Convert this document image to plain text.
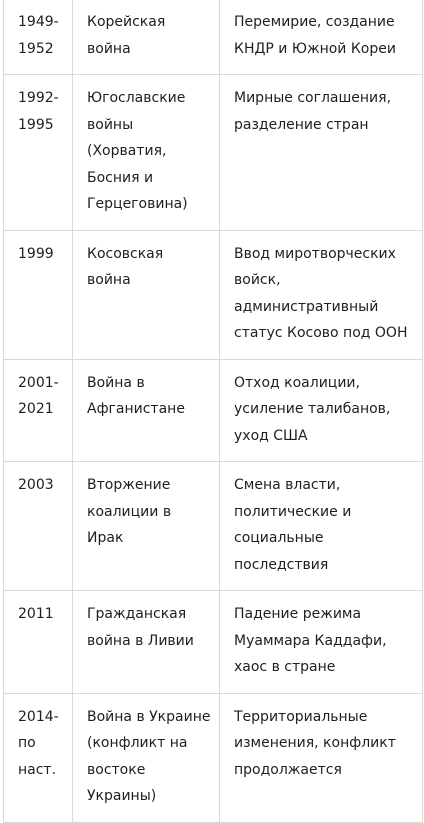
1949-1952	Корейская война	Перемирие, создание КНДР и Южной Кореи
1992-1995	Югославские войны (Хорватия, Босния и Герцеговина)	Мирные соглашения, разделение стран
1999	Косовская война	Ввод миротворческих войск, административный статус Косово под ООН
2001-2021	Война в Афганистане	Отход коалиции, усиление талибанов, уход США
2003	Вторжение коалиции в Ирак	Смена власти, политические и социальные последствия
2011	Гражданская война в Ливии	Падение режима Муаммара Каддафи, хаос в стране
2014-по наст.	Война в Украине (конфликт на востоке Украины)	Территориальные изменения, конфликт продолжается
